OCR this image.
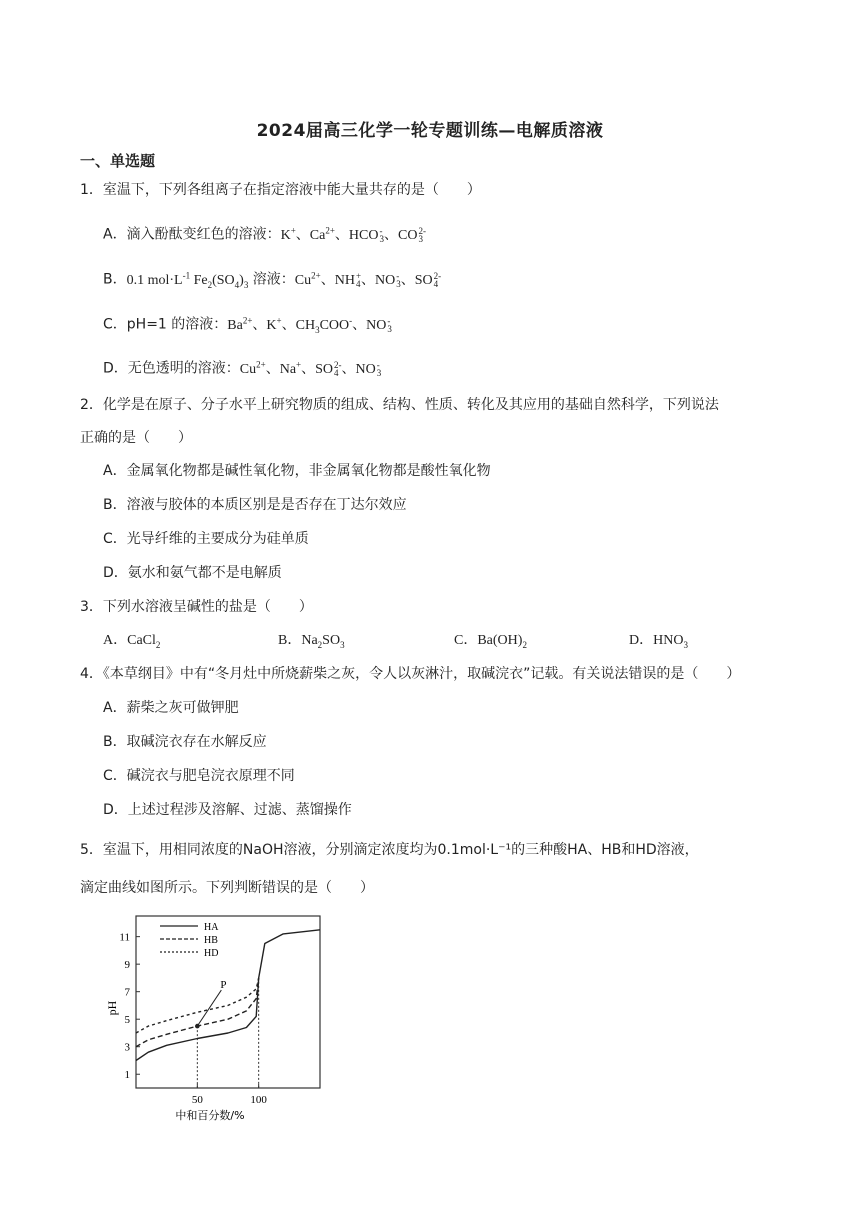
2024届高三化学一轮专题训练—电解质溶液
一、单选题
1．室温下，下列各组离子在指定溶液中能大量共存的是（　　）
A．滴入酚酞变红色的溶液：K+、$Ca^{2+}$、HCO -
3 、CO 2-
3
B．0.1 $mol\cdot L^{-1}$ $Fe_2(SO_4)_3$ 溶液：$Cu^{2+}$、NH +
4 、NO -
3 、SO 2-
4
C．pH=1 的溶液：$Ba^{2+}$、K+、$CH_3COO^-$、NO -
3
D．无色透明的溶液：$Cu^{2+}$、Na+、SO 2-
4 、NO -
3
2．化学是在原子、分子水平上研究物质的组成、结构、性质、转化及其应用的基础自然科学，下列说法
正确的是（　　）
A．金属氧化物都是碱性氧化物，非金属氧化物都是酸性氧化物
B．溶液与胶体的本质区别是是否存在丁达尔效应
C．光导纤维的主要成分为硅单质
D．氨水和氨气都不是电解质
3．下列水溶液呈碱性的盐是（　　）
A．CaCl$_2$	B．$Na_2SO_3$	C．$Ba(OH)_2$	D．$HNO_3$
4．《本草纲目》中有“冬月灶中所烧薪柴之灰，令人以灰淋汁，取碱浣衣”记载。有关说法错误的是（　　）
A．薪柴之灰可做钾肥
B．取碱浣衣存在水解反应
C．碱浣衣与肥皂浣衣原理不同
D．上述过程涉及溶解、过滤、蒸馏操作
5．室温下，用相同浓度的NaOH溶液，分别滴定浓度均为0.1mol·L⁻¹的三种酸HA、HB和HD溶液，
滴定曲线如图所示。下列判断错误的是（　　）
11
9
7
5
3
1
50	100
P
HA
HB
HD
pH
中和百分数/%
